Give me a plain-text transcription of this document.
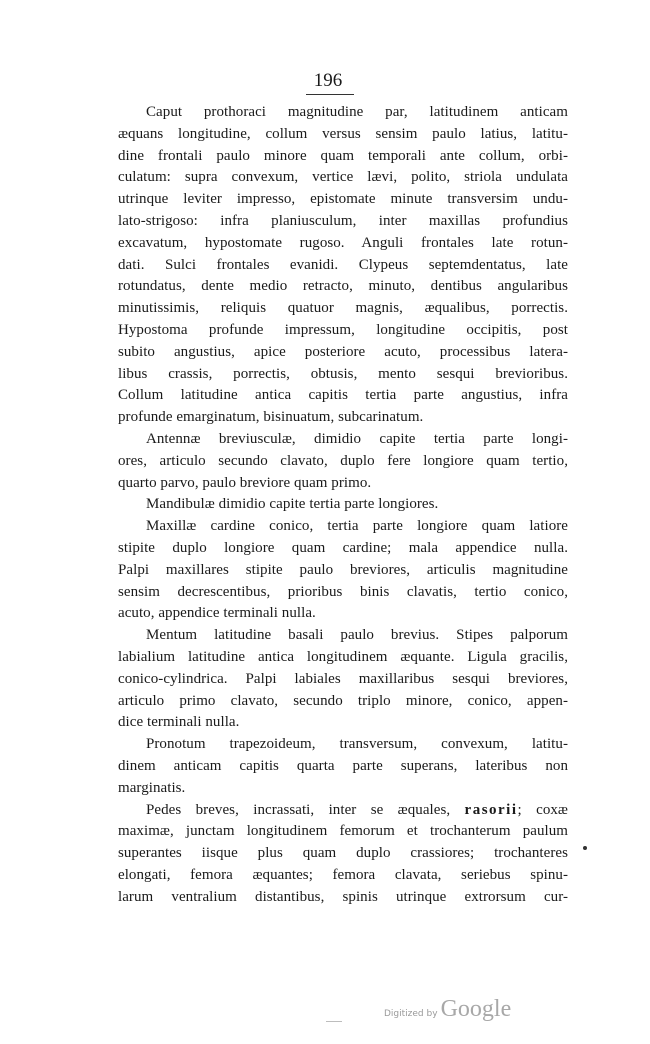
196
Caput prothoraci magnitudine par, latitudinem anticam
æquans longitudine, collum versus sensim paulo latius, latitu-
dine frontali paulo minore quam temporali ante collum, orbi-
culatum: supra convexum, vertice lævi, polito, striola undulata
utrinque leviter impresso, epistomate minute transversim undu-
lato-strigoso: infra planiusculum, inter maxillas profundius
excavatum, hypostomate rugoso. Anguli frontales late rotun-
dati. Sulci frontales evanidi. Clypeus septemdentatus, late
rotundatus, dente medio retracto, minuto, dentibus angularibus
minutissimis, reliquis quatuor magnis, æqualibus, porrectis.
Hypostoma profunde impressum, longitudine occipitis, post
subito angustius, apice posteriore acuto, processibus latera-
libus crassis, porrectis, obtusis, mento sesqui brevioribus.
Collum latitudine antica capitis tertia parte angustius, infra
profunde emarginatum, bisinuatum, subcarinatum.
Antennæ breviusculæ, dimidio capite tertia parte longi-
ores, articulo secundo clavato, duplo fere longiore quam tertio,
quarto parvo, paulo breviore quam primo.
Mandibulæ dimidio capite tertia parte longiores.
Maxillæ cardine conico, tertia parte longiore quam latiore
stipite duplo longiore quam cardine; mala appendice nulla.
Palpi maxillares stipite paulo breviores, articulis magnitudine
sensim decrescentibus, prioribus binis clavatis, tertio conico,
acuto, appendice terminali nulla.
Mentum latitudine basali paulo brevius. Stipes palporum
labialium latitudine antica longitudinem æquante. Ligula gracilis,
conico-cylindrica. Palpi labiales maxillaribus sesqui breviores,
articulo primo clavato, secundo triplo minore, conico, appen-
dice terminali nulla.
Pronotum trapezoideum, transversum, convexum, latitu-
dinem anticam capitis quarta parte superans, lateribus non
marginatis.
Pedes breves, incrassati, inter se æquales, rasorii; coxæ
maximæ, junctam longitudinem femorum et trochanterum paulum
superantes iisque plus quam duplo crassiores; trochanteres
elongati, femora æquantes; femora clavata, seriebus spinu-
larum ventralium distantibus, spinis utrinque extrorsum cur-
Digitized by Google
